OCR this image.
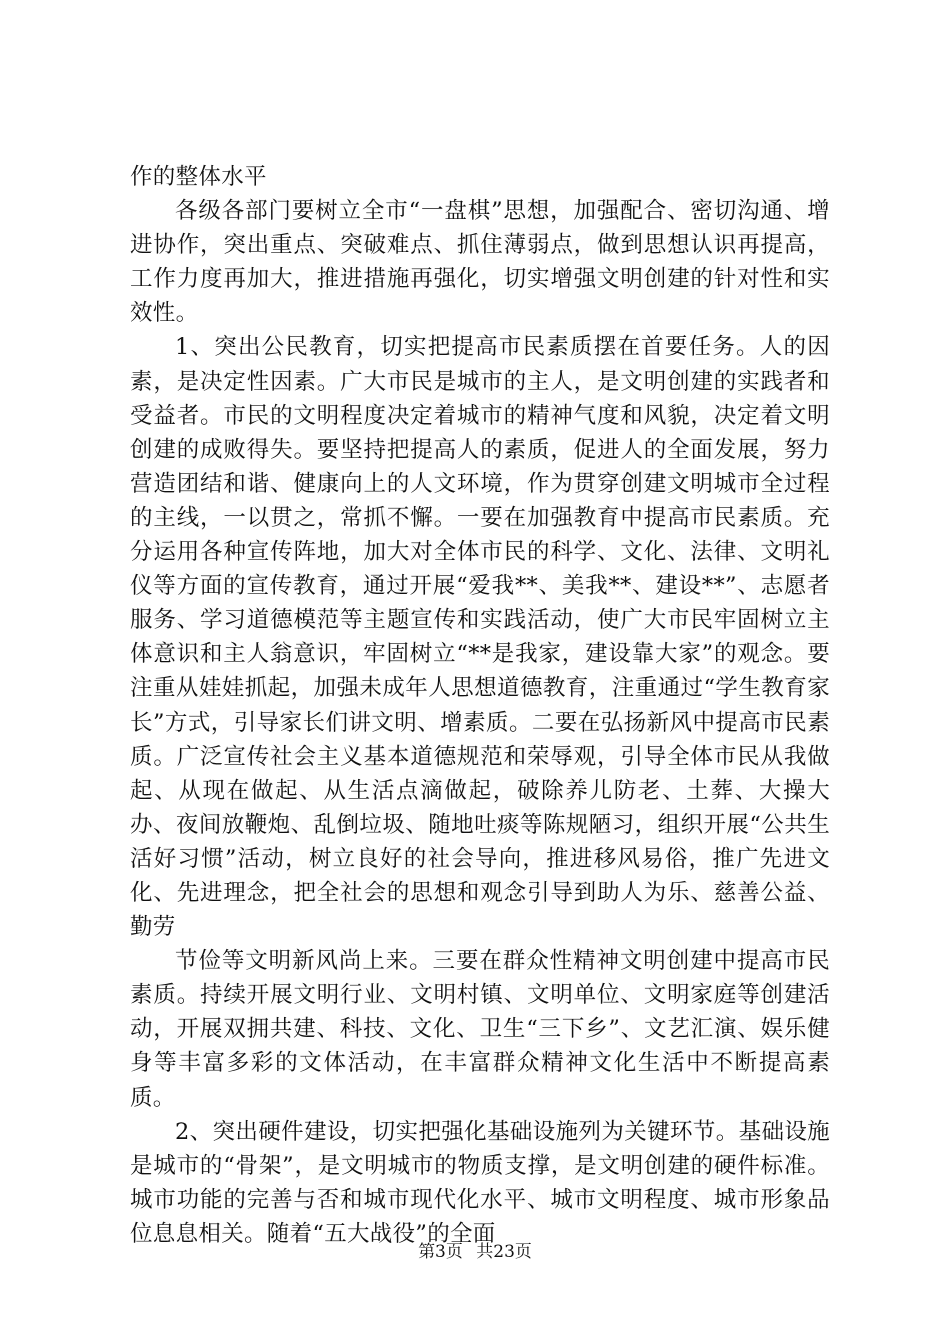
作的整体水平

各级各部门要树立全市“一盘棋”思想，加强配合、密切沟通、增进协作，突出重点、突破难点、抓住薄弱点，做到思想认识再提高，工作力度再加大，推进措施再强化，切实增强文明创建的针对性和实效性。

1、突出公民教育，切实把提高市民素质摆在首要任务。人的因素，是决定性因素。广大市民是城市的主人，是文明创建的实践者和受益者。市民的文明程度决定着城市的精神气度和风貌，决定着文明创建的成败得失。要坚持把提高人的素质，促进人的全面发展，努力营造团结和谐、健康向上的人文环境，作为贯穿创建文明城市全过程的主线，一以贯之，常抓不懈。一要在加强教育中提高市民素质。充分运用各种宣传阵地，加大对全体市民的科学、文化、法律、文明礼仪等方面的宣传教育，通过开展“爱我**、美我**、建设**”、志愿者服务、学习道德模范等主题宣传和实践活动，使广大市民牢固树立主体意识和主人翁意识，牢固树立“**是我家，建设靠大家”的观念。要注重从娃娃抓起，加强未成年人思想道德教育，注重通过“学生教育家长”方式，引导家长们讲文明、增素质。二要在弘扬新风中提高市民素质。广泛宣传社会主义基本道德规范和荣辱观，引导全体市民从我做起、从现在做起、从生活点滴做起，破除养儿防老、土葬、大操大办、夜间放鞭炮、乱倒垃圾、随地吐痰等陈规陋习，组织开展“公共生活好习惯”活动，树立良好的社会导向，推进移风易俗，推广先进文化、先进理念，把全社会的思想和观念引导到助人为乐、慈善公益、勤劳

节俭等文明新风尚上来。三要在群众性精神文明创建中提高市民素质。持续开展文明行业、文明村镇、文明单位、文明家庭等创建活动，开展双拥共建、科技、文化、卫生“三下乡”、文艺汇演、娱乐健身等丰富多彩的文体活动，在丰富群众精神文化生活中不断提高素质。

2、突出硬件建设，切实把强化基础设施列为关键环节。基础设施是城市的“骨架”，是文明城市的物质支撑，是文明创建的硬件标准。城市功能的完善与否和城市现代化水平、城市文明程度、城市形象品位息息相关。随着“五大战役”的全面

第3页 共23页
